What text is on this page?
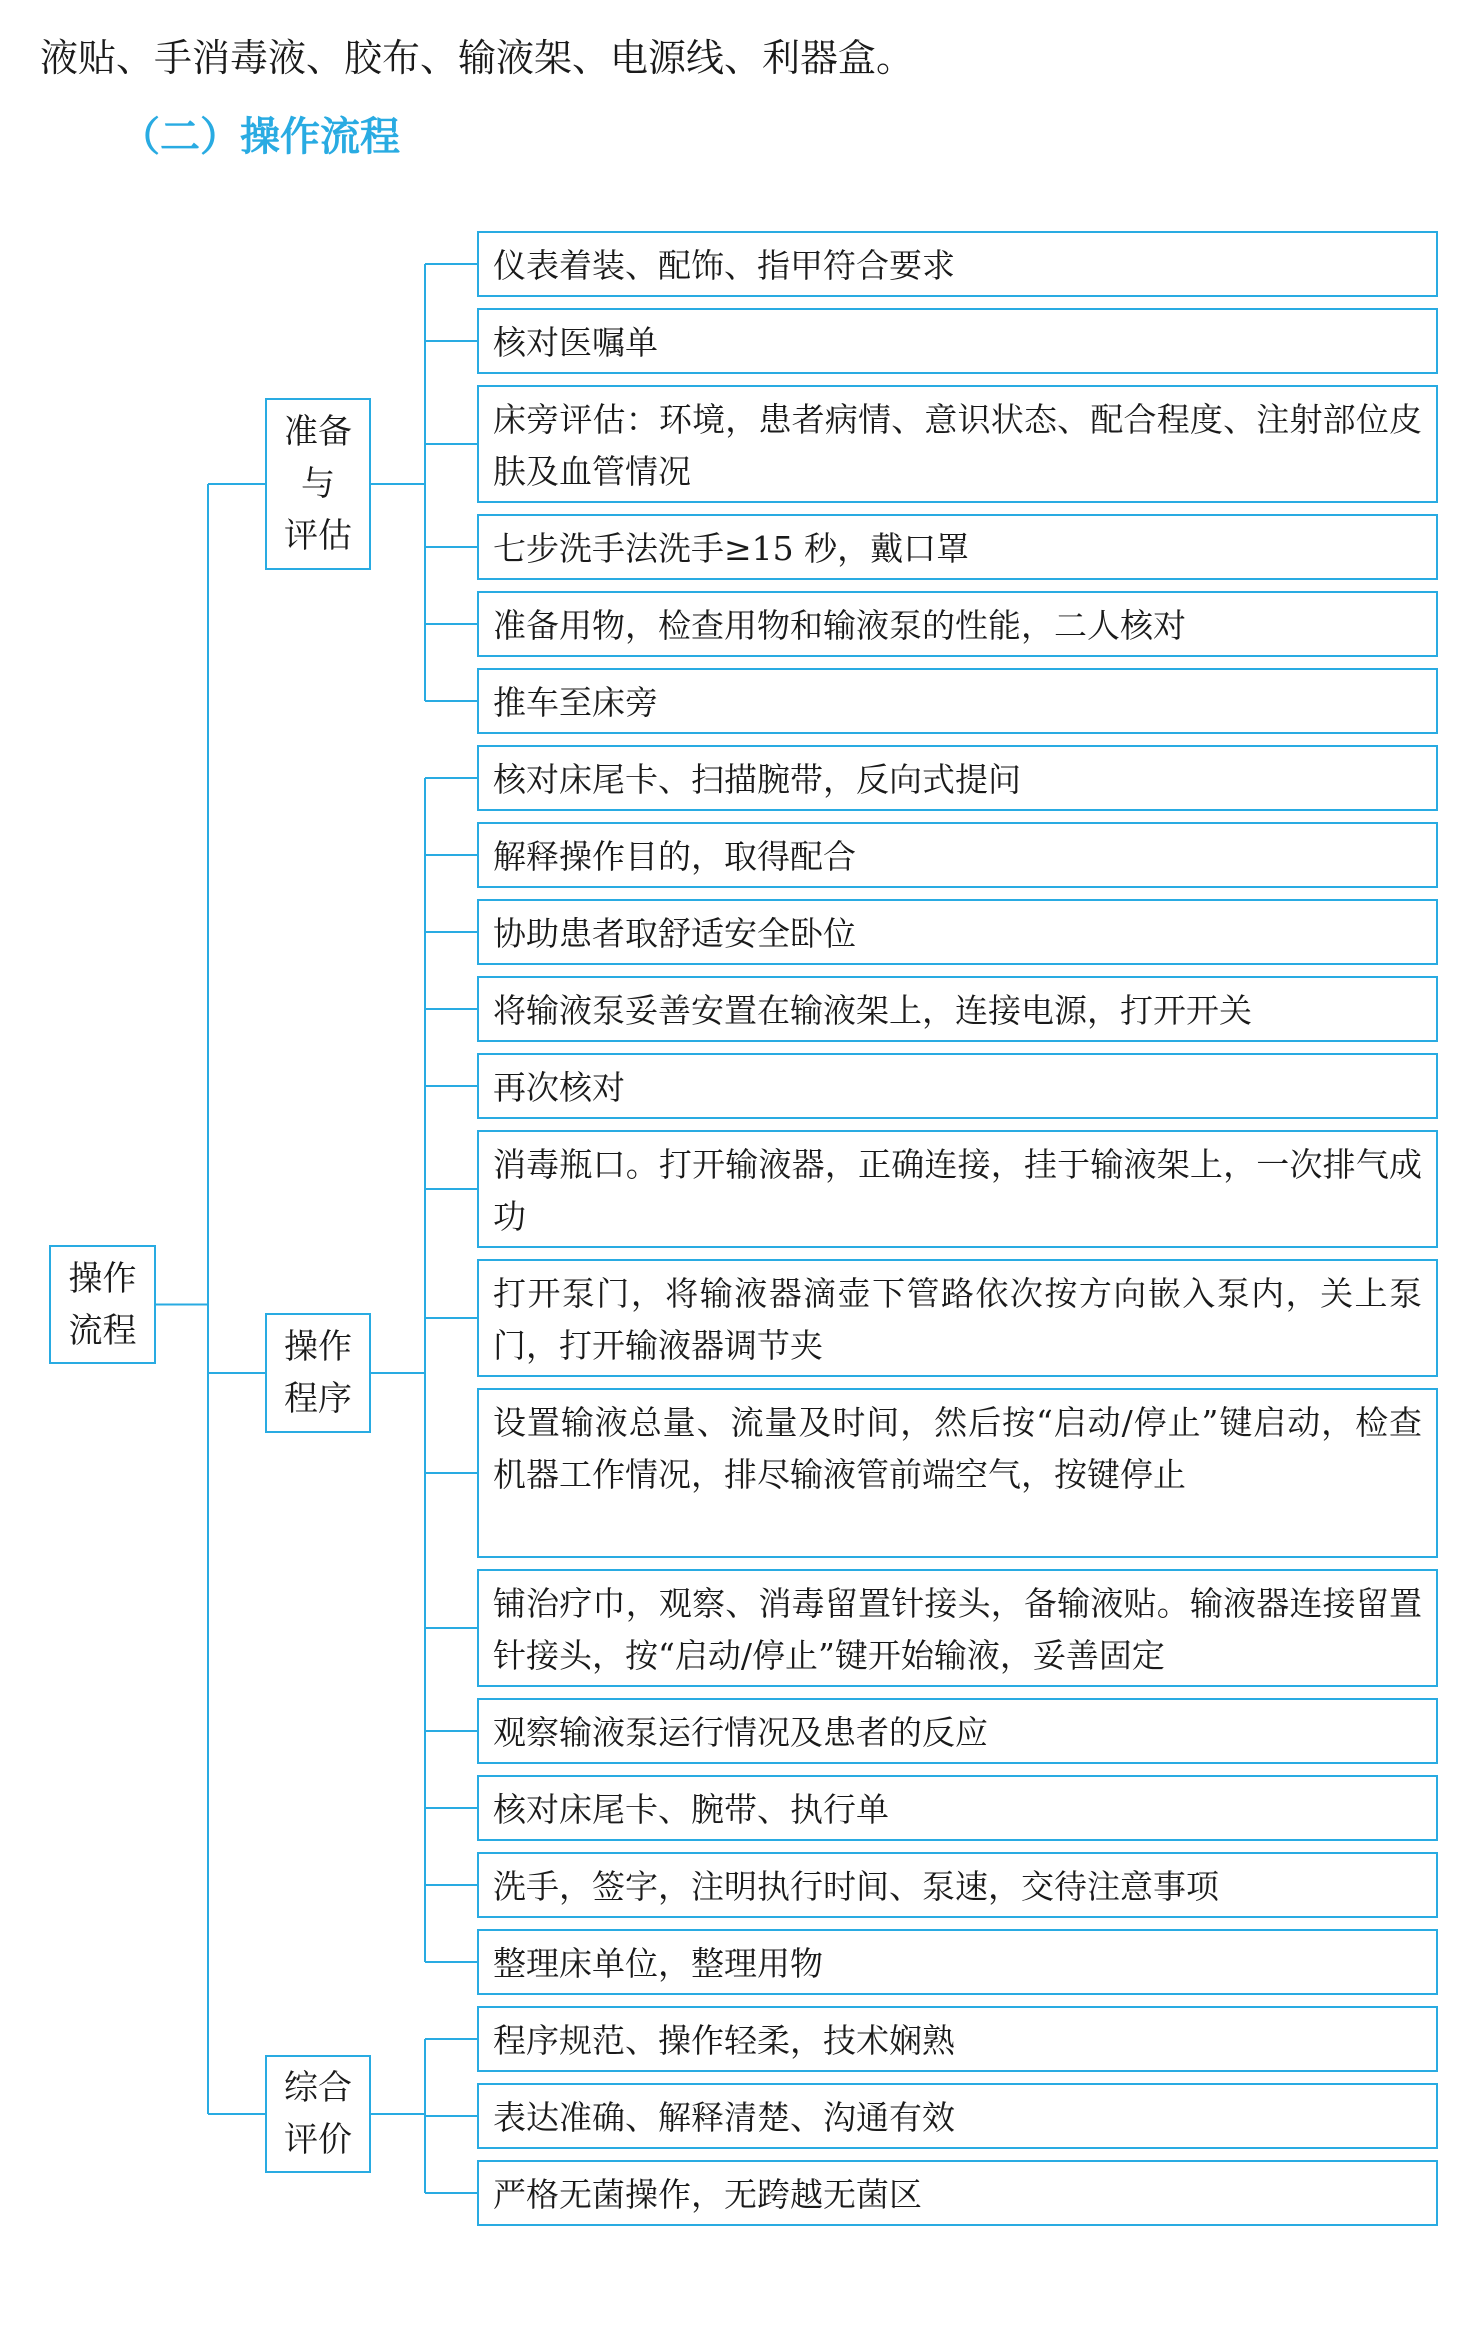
液贴、手消毒液、胶布、输液架、电源线、利器盒。
（二）操作流程
操作
流程
准备
与
评估
仪表着装、配饰、指甲符合要求
核对医嘱单
床旁评估：环境，患者病情、意识状态、配合程度、注射部位皮肤及血管情况
七步洗手法洗手≥15 秒，戴口罩
准备用物，检查用物和输液泵的性能，二人核对
推车至床旁
操作
程序
核对床尾卡、扫描腕带，反向式提问
解释操作目的，取得配合
协助患者取舒适安全卧位
将输液泵妥善安置在输液架上，连接电源，打开开关
再次核对
消毒瓶口。打开输液器，正确连接，挂于输液架上，一次排气成功
打开泵门，将输液器滴壶下管路依次按方向嵌入泵内，关上泵门，打开输液器调节夹
设置输液总量、流量及时间，然后按“启动/停止”键启动，检查机器工作情况，排尽输液管前端空气，按键停止
铺治疗巾，观察、消毒留置针接头，备输液贴。输液器连接留置针接头，按“启动/停止”键开始输液，妥善固定
观察输液泵运行情况及患者的反应
核对床尾卡、腕带、执行单
洗手，签字，注明执行时间、泵速，交待注意事项
整理床单位，整理用物
综合
评价
程序规范、操作轻柔，技术娴熟
表达准确、解释清楚、沟通有效
严格无菌操作，无跨越无菌区
